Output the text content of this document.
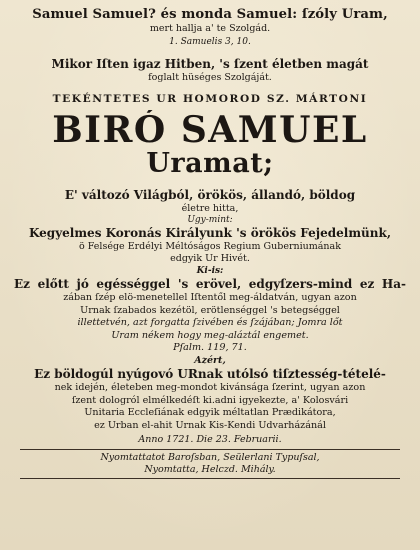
Samuel Samuel? és monda Samuel: ſzóly Uram,
mert hallja a' te Szolgád.
1. Samuelis 3, 10.
Mikor Iſten igaz Hitben, 's ſzent életben magát
foglalt hüséges Szolgáját.
TEKÉNTETES UR HOMOROD SZ. MÁRTONI
BIRÓ SAMUEL
Uramat;
E' változó Világból, örökös, állandó, böldog
életre hitta,
Ugy-mint:
Kegyelmes Koronás Királyunk 's örökös Fejedelmünk,
ö Felsége Erdélyi Méltóságos Regium Guberniumának
edgyik Ur Hivét.
Ki-is:
Ez előtt jó egésséggel 's erövel, edgyſzers-mind ez Ha-
zában ſzép elö-menetellel Iſtentől meg-áldatván, ugyan azon
Urnak ſzabados kezétöl, erötlenséggel 's betegséggel
illettetvén, azt forgatta ſzivében és ſzájában; Jomra lőt
Uram nékem hogy meg-aláztál engemet.
Pſalm. 119, 71.
Azért,
Ez böldogúl nyúgovó URnak utólsó tiſztesség-tételé-
nek idején, életeben meg-mondot kivánsága ſzerint, ugyan azon
ſzent dologról elmélkedéſt ki.adni igyekezte, a' Kolosvári
Unitaria Eccleſiának edgyik méltatlan Prædikátora,
ez Urban el-ahit Urnak Kis-Kendi Udvarházánál
Anno 1721. Die 23. Februarii.
Nyomtattatot Baroſsban, Seülerlani Typuſsal,
Nyomtatta, Helczd. Mihály.
